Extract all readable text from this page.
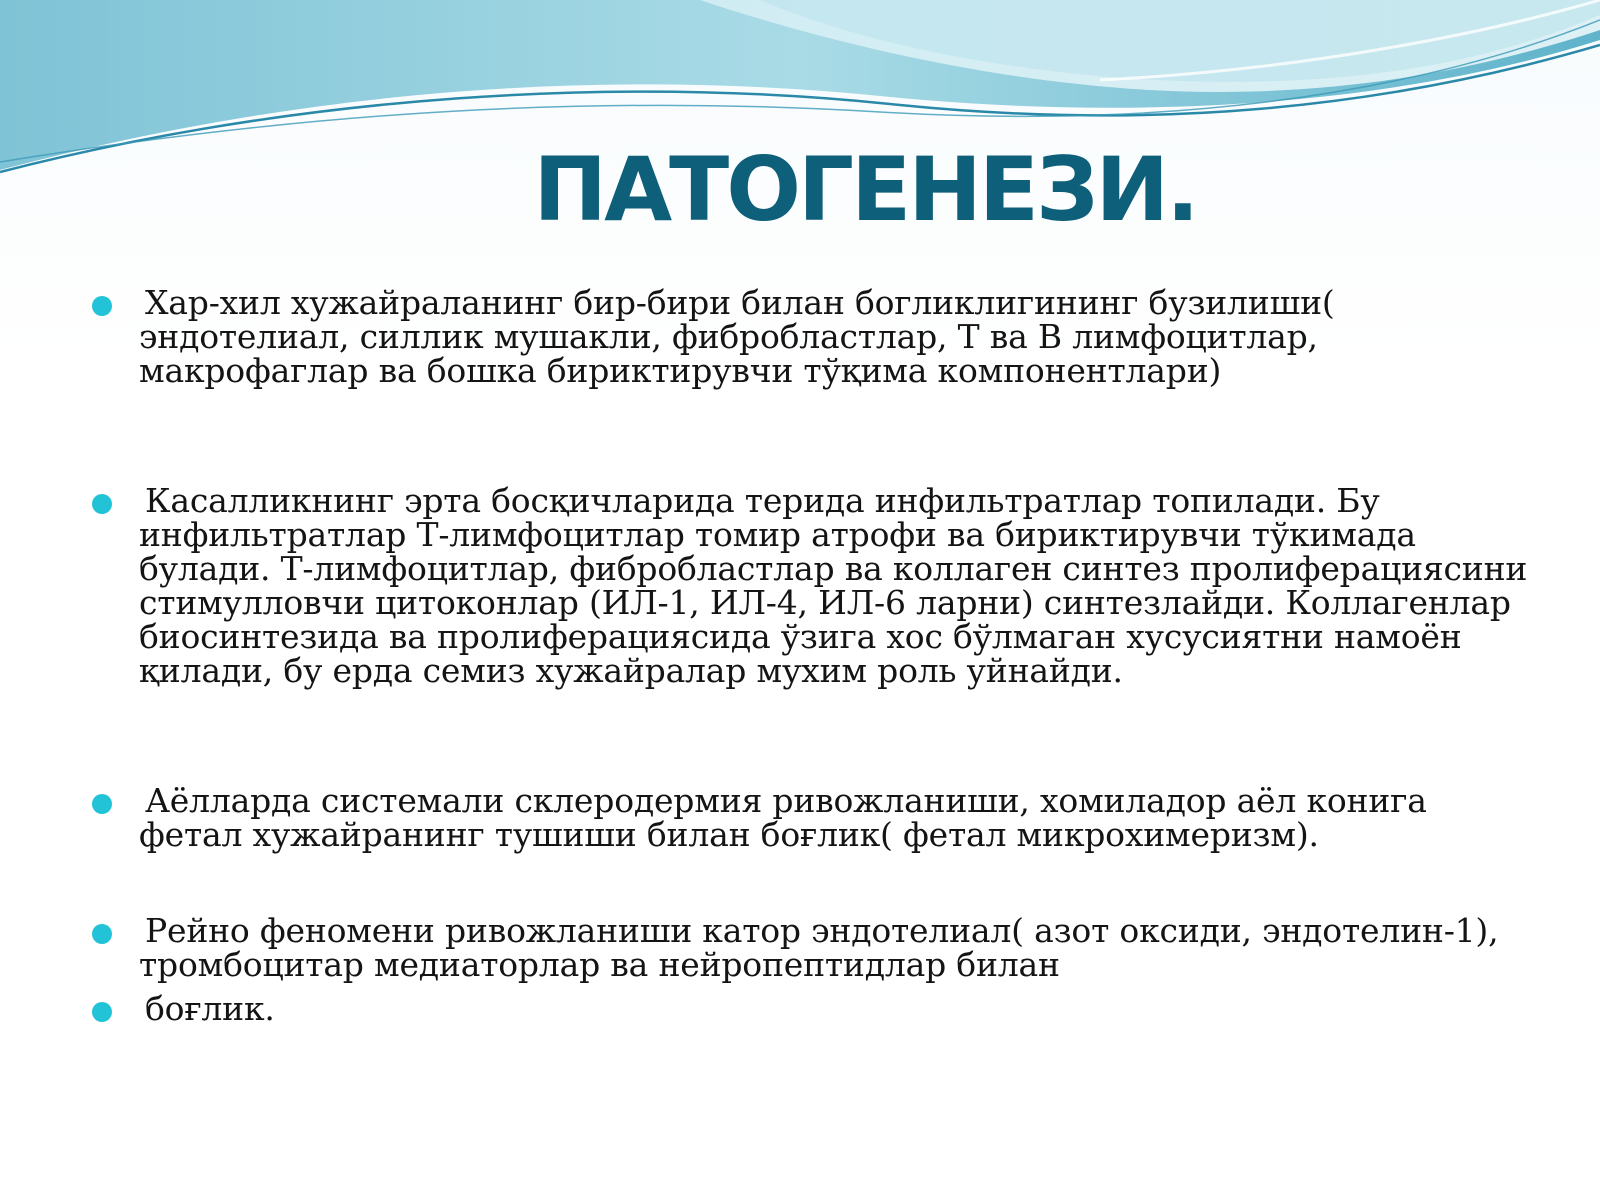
ПАТОГЕНЕЗИ.
Хар-хил хужайраланинг бир-бири билан богликлигининг бузилиши( эндотелиал, силлик мушакли, фибробластлар, Т ва В лимфоцитлар, макрофаглар ва бошка бириктирувчи тўқима компонентлари)
Касалликнинг эрта босқичларида терида инфильтратлар топилади. Бу инфильтратлар Т-лимфоцитлар томир атрофи ва бириктирувчи тўкимада булади. Т-лимфоцитлар, фибробластлар ва коллаген синтез пролиферациясини стимулловчи цитоконлар (ИЛ-1, ИЛ-4, ИЛ-6 ларни) синтезлайди. Коллагенлар биосинтезида ва пролиферациясида ўзига хос бўлмаган хусусиятни намоён қилади, бу ерда семиз хужайралар мухим роль уйнайди.
Аёлларда системали склеродермия ривожланиши, хомиладор аёл конига фетал хужайранинг тушиши билан боғлик( фетал микрохимеризм).
Рейно феномени ривожланиши катор эндотелиал( азот оксиди, эндотелин-1), тромбоцитар медиаторлар ва нейропептидлар билан
боғлик.
